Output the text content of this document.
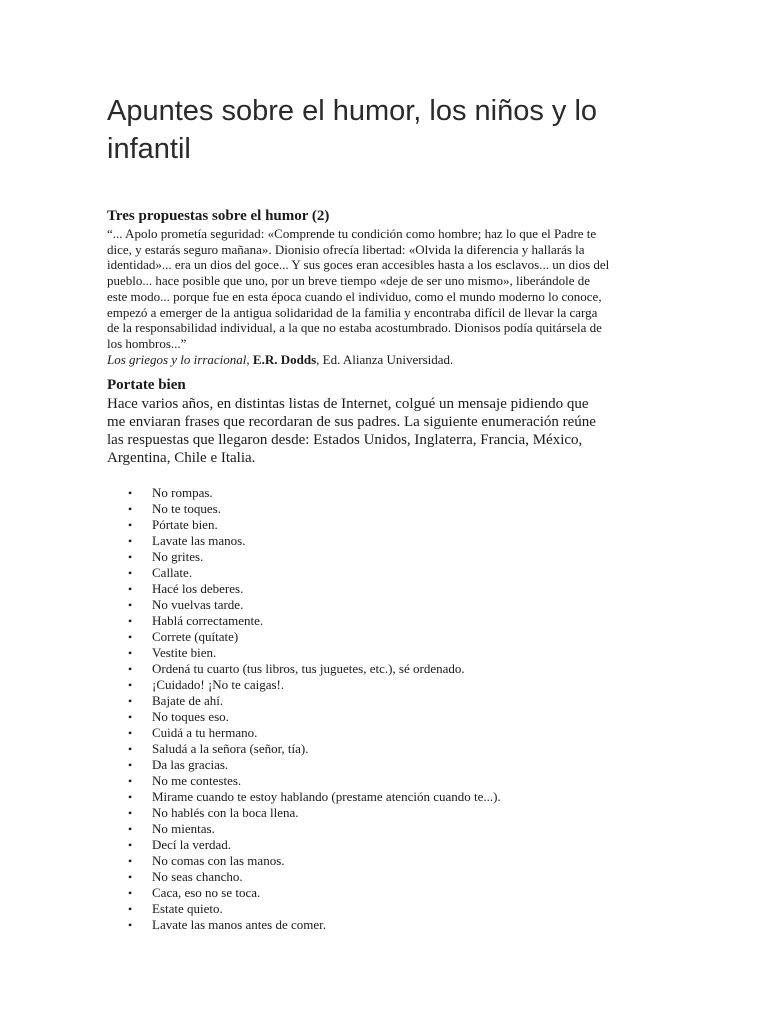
Apuntes sobre el humor, los niños y lo
infantil
Tres propuestas sobre el humor (2)

“... Apolo prometía seguridad: «Comprende tu condición como hombre; haz lo que el Padre te
dice, y estarás seguro mañana». Dionisio ofrecía libertad: «Olvida la diferencia y hallarás la
identidad»... era un dios del goce... Y sus goces eran accesibles hasta a los esclavos... un dios del
pueblo... hace posible que uno, por un breve tiempo «deje de ser uno mismo», liberándole de
este modo... porque fue en esta época cuando el individuo, como el mundo moderno lo conoce,
empezó a emerger de la antigua solidaridad de la familia y encontraba difícil de llevar la carga
de la responsabilidad individual, a la que no estaba acostumbrado. Dionisos podía quitársela de
los hombros...”

Los griegos y lo irracional, E.R. Dodds, Ed. Alianza Universidad.

Portate bien

Hace varios años, en distintas listas de Internet, colgué un mensaje pidiendo que
me enviaran frases que recordaran de sus padres. La siguiente enumeración reúne
las respuestas que llegaron desde: Estados Unidos, Inglaterra, Francia, México,
Argentina, Chile e Italia.

• No rompas.
• No te toques.
• Pórtate bien.
• Lavate las manos.
• No grites.
• Callate.
• Hacé los deberes.
• No vuelvas tarde.
• Hablá correctamente.
• Correte (quítate)
• Vestite bien.
• Ordená tu cuarto (tus libros, tus juguetes, etc.), sé ordenado.
• ¡Cuidado! ¡No te caigas!.
• Bajate de ahí.
• No toques eso.
• Cuidá a tu hermano.
• Saludá a la señora (señor, tía).
• Da las gracias.
• No me contestes.
• Mirame cuando te estoy hablando (prestame atención cuando te...).
• No hablés con la boca llena.
• No mientas.
• Decí la verdad.
• No comas con las manos.
• No seas chancho.
• Caca, eso no se toca.
• Estate quieto.
• Lavate las manos antes de comer.
